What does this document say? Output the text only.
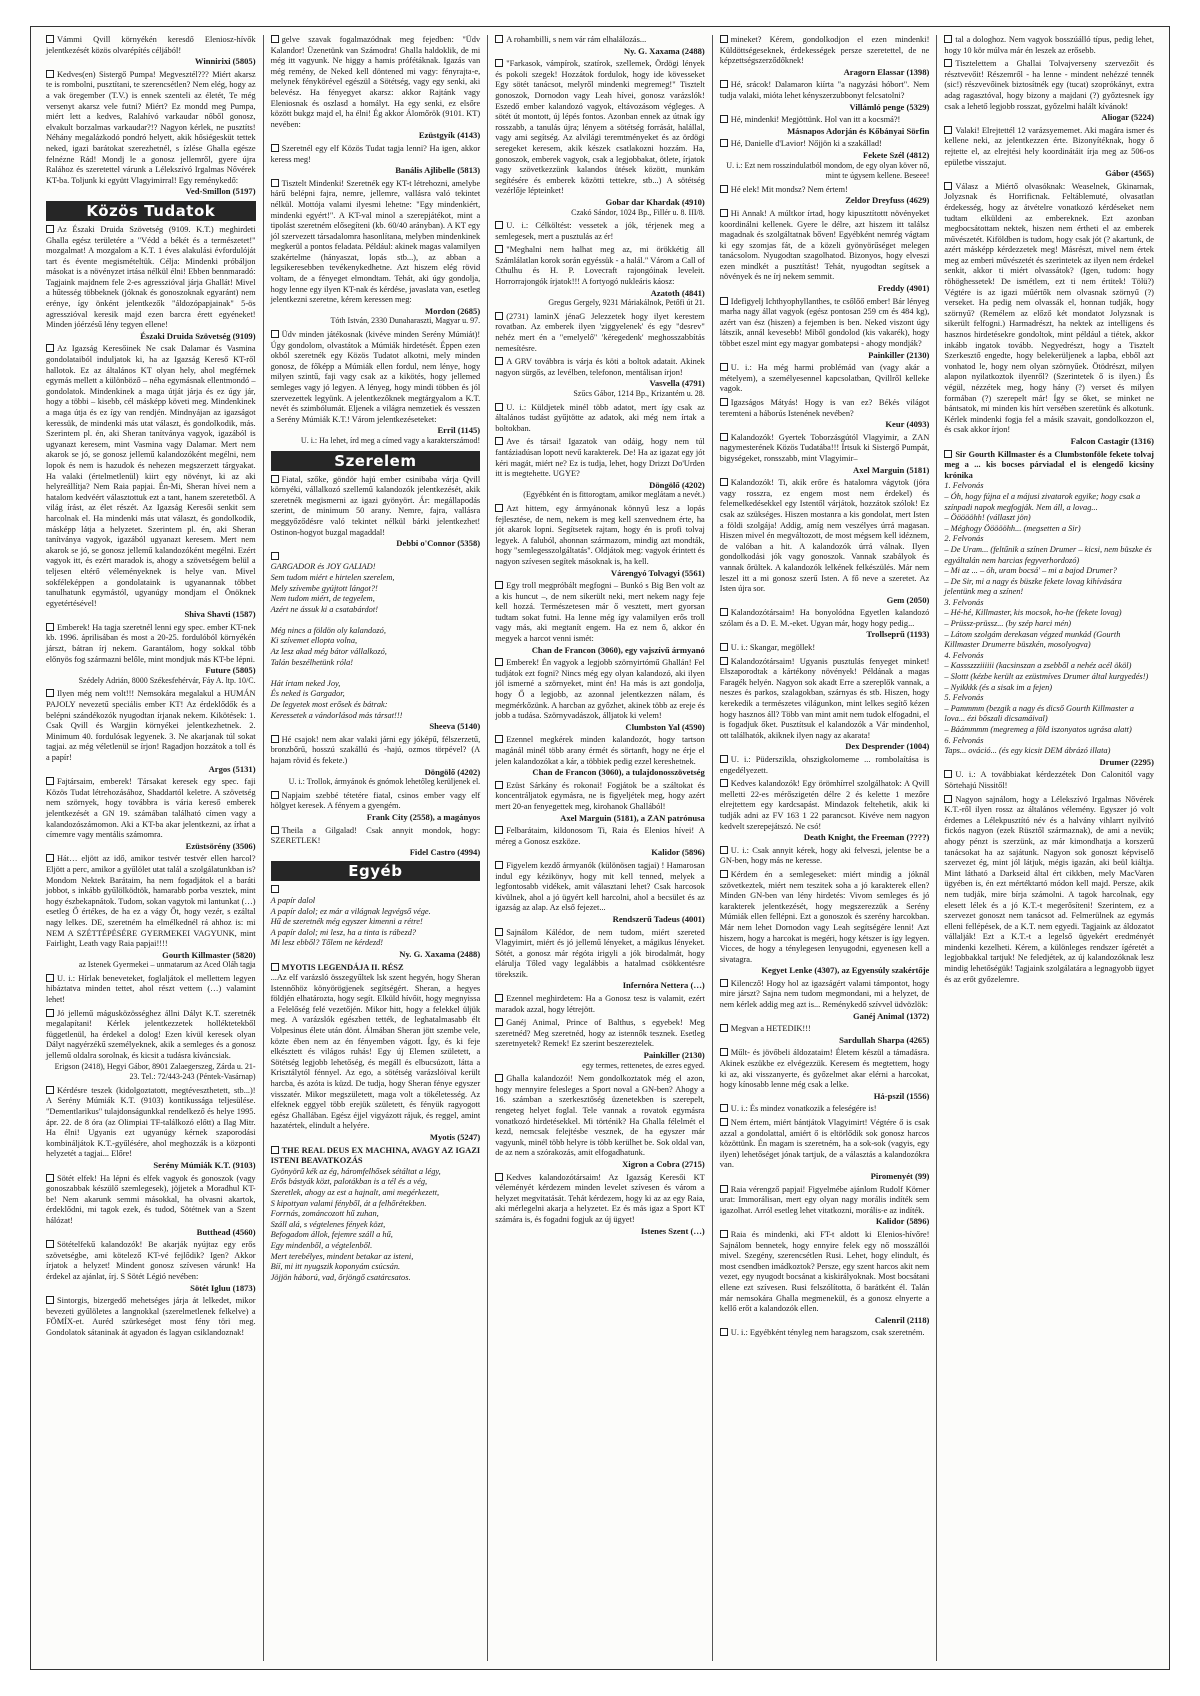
Vámmi Qvill környékén keresdő Eleniosz-hívők jelentkezését közös olvarépítés céljából!
Winnirixi (5805)
Kedves(en) Sistergő Pumpa! Megvesztél??? Miért akarsz te is rombolni, pusztítani, te szerencsétlen? Nem elég, hogy az a vak öregember (T.V.) is ennek szenteli az életét, Te még versenyt akarsz vele futni? Miért? Ez mondd meg Pumpa, miért lett a kedves, Ralahívó varkaudar nőből gonosz, elvakult borzalmas varkaudar?!? Nagyon kérlek, ne pusztíts! Néhány megalázkodó pondró helyett, akik hősiégesküt tettek neked, igazi barátokat szerezhetnél, s ízlése Ghalla egésze felnézne Rád! Mondj le a gonosz jellemről, gyere újra Ralához és szeretettel várunk a Lélekszívó Irgalmas Nővérek KT-ba. Toljunk ki együtt Vlagyimirral! Egy reménykedő:
Ved-Smillon (5197)
Közös Tudatok
Az Északi Druida Szövetség (9109. K.T.) meghirdeti Ghalla egész területére a "Védd a békét és a természetet!" mozgalmat! A mozgalom a K.T. 1 éves alakulási évfordulóját tart és évente megismételtük. Célja: Mindenki próbáljon másokat is a növényzet irtása nélkül élni! Ebben bennmaradó: Tagjaink majdnem fele 2-es agresszióval járja Ghallát! Mivel a hűtesség többeknek (jóknak és gonoszoknak egyaránt) nem erénye, így önként jelentkezők "áldozópapjainak" 5-ös agresszióval keresik majd ezen barcra érett egyéneket! Minden jóérzésű lény tegyen ellene!
Északi Druida Szövetség (9109)
Az Igazság Keresőinek Ne csak Dalamar és Vasmina gondolataiból induljatok ki, ha az Igazság Kereső KT-ről hallotok. Ez az általános KT olyan hely, ahol megférnek egymás mellett a különböző – néha egymásnak ellentmondó – gondolatok. Mindenkinek a maga útját járja és ez úgy jár, hogy a többi – kisebb, cél másképp követi meg. Mindenkinek a maga útja és ez így van rendjén. Mindnyájan az igazságot keressük, de mindenki más utat választ, és gondolkodik, más. Szerintem pl. én, aki Sheran tanítványa vagyok, igazából is ugyanazt keresem, mint Vasmina vagy Dalamar. Mert nem akarok se jó, se gonosz jellemű kalandozóként megélni, nem lopok és nem is hazudok és nehezen megszerzett tárgyakat. Ha valaki (értelmetlenül) kiirt egy növényt, ki az aki helyreállítja? Nem Raia papjai. Én-Mi, Sheran hívei nem a hatalom kedvéért választottuk ezt a tant, hanem szeretetből. A világ írást, az élet részét. Az Igazság Keresői senkit sem harcolnak el. Ha mindenki más utat választ, és gondolkodik, másképp látja a helyzetet. Szerintem pl. én, aki Sheran tanítványa vagyok, igazából ugyanazt keresem. Mert nem akarok se jó, se gonosz jellemű kalandozóként megélni. Ezért vagyok itt, és ezért maradok is, ahogy a szövetségem belül a teljesen eltérő véleményeknek is helye van. Mivel sokféleképpen a gondolataink is ugyanannak többet tanulhatunk egymástól, ugyanúgy mondjam el Önöknek egyetértésével!
Shiva Shavti (1587)
Emberek! Ha tagja szeretnél lenni egy spec. ember KT-nek kb. 1996. áprilisában és most a 20-25. fordulóból környékén járszt, bátran írj nekem. Garantálom, hogy sokkal több előnyös fog származni belőle, mint mondjuk más KT-be lépni.
Future (5805)
Szédely Adrián, 8000 Székesfehérvár, Fáy A. ltp. 10/C.
Ilyen még nem volt!!! Nemsokára megalakul a HUMÁN PAJOLY nevezetű speciális ember KT! Az érdeklődők és a belépni szándékozók nyugodtan írjanak nekem. Kikötések: 1. Csak Qvill és Wargjin környékei jelentkezhetnek. 2. Minimum 40. fordulósak legyenek. 3. Ne akarjanak túl sokat tagjai. az még véletlenül se írjon! Ragadjon hozzátok a toll és a papír!
Argos (5131)
Fajtársaim, emberek! Társakat keresek egy spec. faji Közös Tudat létrehozásához, Shaddartól keletre. A szövetség nem szörnyek, hogy továbbra is vária kereső emberek jelentkezését a GN 19. számában található címen vagy a kalandozószámomon. Aki a KT-ba akar jelentkezni, az írhat a címemre vagy mentális számomra.
Ezüstsörény (3506)
Hát… eljött az idő, amikor testvér testvér ellen harcol? Eljött a perc, amikor a gyűlölet utat talál a szolgálatunkban is? Mondom Nektek Barátaim, ha nem fogadjátok el a baráti jobbot, s inkább gyűlölködtök, hamarabb porba vesztek, mint hogy észbekapnátok. Tudom, sokan vagytok mi lantunkat (…) esetleg Ő értékes, de ha ez a vágy Őt, hogy vezér, s ezáltal nagy lelkes. DE, szeretném ha elmélkednél rá ahhoz is: mi NEM A SZÉTTÉPÉSÉRE GYERMEKEI VAGYUNK, mint Fairlight, Leath vagy Raia papjai!!!!
Gourth Killmaster (5820)
az Istenek Gyermekei – unmatarum az Aced Oláh tagja
U. i.: Hírlak beneveteket, foglaljátok el mellettem legyen hibáztatva minden tettet, ahol részt vettem (…) valamint lehet!
Jó jellemű mágusközösséghez állni Dályt K.T. szeretnék megalapítani! Kérlek jelentkezzetek holléktetekből függetlenül, ha érdekel a dolog! Ezen kívül keresek olyan Dályt nagyérzékű személyeknek, akik a semleges és a gonosz jellemű oldalra sorolnak, és kicsit a tudásra kíváncsiak.
Erigson (2418), Hegyi Gábor, 8901 Zalaegerszeg, Zárda u. 21-23. Tel.: 72/443-243 (Péntek-Vasárnap)
Kérdésre teszek (kidolgoztatott, megtéveszthetett, stb...)! A Serény Múmiák K.T. (9103) kontikussága teljesülése. "Dementlarikus" tulajdonságunkkal rendelkező és helye 1995. ápr. 22. de 8 óra (az Olimpiai TF-találkozó előtt) a Ilag Mitr. Ha élni! Ugyanis ezt ugyanúgy kérnek szaporodási kombináljátok K.T.-gyűlésére, ahol meghozzák is a központi helyzetét a tagjai... Előre!
Serény Múmiák K.T. (9103)
Sötét elfek! Ha lépni és elfek vagyok és gonoszok (vagy gonoszabbak készülő szemlegesek), jöjjetek a Moradhul KT-be! Nem akarunk semmi másokkal, ha olvasni akartok, érdeklődni, mi tagok ezek, és tudod, Sötétnek van a Szent hálózat!
Butthead (4560)
Sötételfekű kalandozók! Be akarják nyújtaz egy erős szövetségbe, ami kötelező KT-vé fejlődik? Igen? Akkor írjatok a helyzet! Mindent gonosz szívesen várunk! Ha érdekel az ajánlat, írj. S Sötét Légió nevében:
Sötét Igluu (1873)
Sintorgis, bizergedő mehetséges járja át lelkedet, mikor bevezeti gyűlöletes a langnokkal (szerelmetlenek felkelve) a FÖMÍX-et. Auréd szürkeséget most fény töri meg. Gondolatok sátaninak át agyadon és lagyan csiklandoznak!
gelve szavak fogalmazódnak meg fejedben: "Üdv Kalandor! Üzenetünk van Számodra! Ghalla haldoklik, de mi még itt vagyunk. Ne higgy a hamis prófétáknak. Igazás van még remény, de Neked kell döntened mi vagy: fényrajta-e, melynek fénykörével egészül a Sötétség, vagy egy senki, aki belevész. Ha fényegyet akarsz: akkor Rajtánk vagy Eleniosnak és oszlasd a homályt. Ha egy senki, ez elsőre között bukgz majd el, ha élni! Ég akkor Álomőrök (9101. KT) nevében:
Ezüstgyík (4143)
Szeretnél egy elf Közös Tudat tagja lenni? Ha igen, akkor keress meg!
Banális Ajlibelle (5813)
Tisztelt Mindenki! Szeretnék egy KT-t létrehozni, amelybe hárű belépni fajra, nemre, jellemre, vallásra való tekintet nélkül. Mottója valami ilyesmi lehetne: "Egy mindenkiért, mindenki egyért!". A KT-val minol a szerepjátékot, mint a tipolást szeretném elősegíteni (kb. 60/40 arányban). A KT egy jól szervezett társadalomra hasonlítana, melyben mindenkinek megkerül a pontos feladata. Például: akinek magas valamilyen szakértelme (hányaszat, lopás stb...), az abban a legsikeresebben tevékenykedhetne. Azt hiszem elég rövid voltam, de a fényeget elmondtam. Tehát, aki úgy gondolja, hogy lenne egy ilyen KT-nak és kérdése, javaslata van, esetleg jelentkezni szeretne, kérem keressen meg:
Mordon (2685)
Tóth István, 2330 Dunaharaszti, Magyar u. 97.
Üdv minden játékosnak (kivéve minden Serény Múmiát)! Úgy gondolom, olvastátok a Múmiák hirdetését. Éppen ezen okból szeretnék egy Közös Tudatot alkotni, mely minden gonosz, de főképp a Múmiák ellen fordul, nem lénye, hogy milyen szintű, faji vagy csak az a kikötés, hogy jellemed semleges vagy jó legyen. A lényeg, hogy mindi többen és jól szervezettek legyünk. A jelentkezőknek megtárgyalom a K.T. nevét és szimbólumát. Eljenek a világra nemzetiek és vesszen a Serény Múmiák K.T.! Várom jelentkezéseteket:
Erril (1145)
U. i.: Ha lehet, írd meg a címed vagy a karakterszámod!
Szerelem
Fiatal, szőke, göndör hajú ember csinibaba várja Qvill környéki, vállalkozó szellemű kalandozók jelentkezését, akik szeretnék megismerni az igazi gyönyört. Ár: megállapodás szerint, de minimum 50 arany. Nemre, fajra, vallásra meggyőződésre való tekintet nélkül bárki jelentkezhet! Ostinon-hogyot buzgal magaddal!
Debbi o'Connor (5358)
GARGADOR és JOY GALIAD!
Sem tudom miért e hirtelen szerelem,
Mely szívembe gyújtott lángot?!
Nem tudom miért, de tegyelem,
Azért ne ássuk ki a csatabárdot!

Még nincs a földön oly kalandozó,
Ki szívemet ellopta volna,
Az lesz akad még bátor vállalkozó,
Talán beszélhetünk róla!

Hát írtam neked Joy,
És neked is Gargador,
De legyetek most erősek és bátrak:
Keressetek a vándorlásod más társat!!!
Sheeva (5140)
Hé csajok! nem akar valaki járni egy jóképű, félszerzetű, bronzbőrű, hosszú szakállú és -hajú, ozmos törpével? (A hajam rövid és fekete.)
Döngölő (4202)
U. i.: Trollok, ármyánok és gnómok lehetőleg kerüljenek el.
Napjaim szebbé tétetére fiatal, csinos ember vagy elf hölgyet keresek. A fényem a gyengém.
Frank City (2558), a magányos
Theila a Gilgalad! Csak annyit mondok, hogy: SZERETLEK!
Fidel Castro (4994)
Egyéb
A papír dalol
A papír dalol; ez már a világnak legvégső vége.
Hű de szeretnék még egyszer kimenni a rétre!
A papír dalol; mi lesz, ha a tinta is rábezd?
Mi lesz ebből? Tőlem ne kérdezd!
Ny. G. Xaxama (2488)
MYOTIS LEGENDÁJA II. RÉSZ
...Az elf varázsló összegyűltek lsk szent hegyén, hogy Sheran Istennőhöz könyörögjenek segítségért. Sheran, a hegyes földjén elhatározta, hogy segít. Elküld hívőit, hogy megnyissa a Felelőség felé vezetőjén. Mikor hitt, hogy a felekkel üljük meg. A varázslók egészben tették, de leghatalmasabb élt Volpesinus élete után dönt. Álmában Sheran jött szembe vele, közte ében nem az én fényemben vágott. Így, és ki feje elkésztett és világos ruhás! Egy új Elemen született, a Sötétség legjobb lehetőség, és megáll és elbucsúzott, látta a Krisztálytól fénnyel. Az ego, a sötétség varázslóival került harcba, és azóta is küzd. De tudja, hogy Sheran fénye egyszer visszatér. Mikor megszületett, maga volt a tökéletesség. Az elfeknek eggyel több erejük született, és fényük ragyogott egész Ghallában. Egész éjjel vigyázott rájuk, és reggel, amint hazatértek, elindult a helyére.
Myotis (5247)
THE REAL DEUS EX MACHINA, AVAGY AZ IGAZI ISTENI BEAVATKOZÁS

Gyönyörű kék az ég, háromfelhősek sétáltat a légy,
Erős bástyák közt, palotákban is a tél és a vég,
Szeretlek, ahogy az est a hajnalt, ami megérkezett,
S kipottyan valami fényből, át a felhőrétekben.
Forrnás, zománcozott hű zuhan,
Száll alá, s végtelenes fények közt,
Befogadom állok, fejemre száll a hű,
Egy mindenből, a végtelenből.
Mert terebélyes, mindent betakar az isteni,
Bíí, mi itt nyugszik koponyám csúcsán.
Jöjjön háború, vad, őrjöngő csatárcsatos.
A rohambilli, s nem vár rám elhalálozás...
Ny. G. Xaxama (2488)
"Farkasok, vámpírok, szatírok, szellemek, Ördögi lények és pokoli szegek! Hozzátok fordulok, hogy ide kövesseket Egy sötét tanácsot, melyről mindenki megremeg!" Tisztelt gonoszok, Dornodon vagy Leah hívei, gonosz varázslók! Eszedő ember kalandozó vagyok, eltávozásom végleges. A sötét út montott, új lépés fontos. Azonban ennek az útnak így rosszabb, a tanulás újra; lényem a sötétség forrását, halállal, vagy ami segítség. Az alvilági teremtményeket és az ördögi seregeket keresem, akik készek csatlakozni hozzám. Ha, gonoszok, emberek vagyok, csak a legjobbakat, ötlete, írjatok vagy szövetkezzünk kalandos ütések között, munkám segítésére és emberek közötti tettekre, stb...) A sötétség vezérlője lépteinket!
Gobar dar Khardak (4910)
Czakó Sándor, 1024 Bp., Fillér u. 8. III/8.
U. i.: Célköltést: vessetek a jók, térjenek meg a semlegesek, mert a pusztulás az ér!
"Meghalni nem halhat meg az, mi örökkétig áll Számlálatlan korok során egyéssük - a halál." Várom a Call of Cthulhu és H. P. Lovecraft rajongóinak leveleit. Horrorrajongók írjatok!!! A fortyogó nukleáris káosz:
Azatoth (4841)
Gregus Gergely, 9231 Máriakálnok, Petőfi út 21.
(2731) laminX jénaG Jelezzetek hogy ilyet kerestem rovatban. Az emberek ilyen 'ziggyelenek' és egy "desrev" nehéz mert én a "emelyelő" 'kéregedenk' meghosszabbítás nemesítésre.
A GRV továbbra is várja és köti a boltok adatait. Akinek nagyon sürgős, az levélben, telefonon, mentálisan írjon!
Vasvella (4791)
Szűcs Gábor, 1214 Bp., Krizantém u. 28.
U. i.: Küldjetek minél több adatot, mert így csak az általános tudást gyűjtötte az adatok, aki még nem írtak a boltokban.
Ave és társai! Igazatok van odáig, hogy nem túl fantáziadúsan lopott nevű karakterek. De! Ha az igazat egy jót kéri magát, miért ne? Ez is tudja, lehet, hogy Drizzt Do'Urden itt is megtehette. UGYE?
Döngölő (4202)
(Egyébként én is fittorogtam, amikor meglátam a nevét.)
Azt hittem, egy ármyánonak könnyű lesz a lopás fejlesztése, de nem, nekem is meg kell szenvednem érte, ha jót akarok lopni. Segítsetek rajtam, hogy én is profi tolvaj legyek. A faluból, ahonnan származom, mindig azt mondták, hogy "semlegesszolgáltatás". Oldjátok meg: vagyok érintett és nagyon szívesen segítek másoknak is, ha kell.
Várengyó Tolvagyi (5561)
Egy troll megpróbált megfogni – Bunkó s Big Ben volt az a kis huncut –, de nem sikerült neki, mert nekem nagy feje kell hozzá. Természetesen már ő vesztett, mert gyorsan tudtam sokat futni. Ha lenne még így valamilyen erős troll vagy más, aki megtanít engem. Ha ez nem ő, akkor én megyek a harcot venni ismét:
Chan de Francon (3060), egy vajszívű ármyanó
Emberek! Én vagyok a legjobb szörnyirtómű Ghallán! Fel tudjátok ezt fogni? Nincs még egy olyan kalandozó, aki ilyen jól ismerné a szörnyeket, mint én! Ha más is azt gondolja, hogy Ő a legjobb, az azonnal jelentkezzen nálam, és megmérkőzünk. A harcban az győzhet, akinek több az ereje és jobb a tudása. Szörnyvadászok, álljatok ki velem!
Clumbston Yal (4590)
Ezennel megkérek minden kalandozót, hogy tartson magánál minél több arany érmét és sörtanft, hogy ne érje el jelen kalandozókat a kár, a többiek pedig ezzel kereshetnek.
Chan de Francon (3060), a tulajdonosszövetség
Ezüst Sárkány és rokonai! Fogjátok be a száltokat és koncentráljatok egymásra, ne is figyeljétek meg, hogy azért mert 20-an fenyegettek meg, kirohanok Ghallából!
Axel Marguin (5181), a ZAN patrónusa
Felbarátaim, kildonosom Ti, Raia és Elenios hívei! A méreg a Gonosz eszköze.
Kalidor (5896)
Figyelem kezdő ármyanók (különösen tagjai) ! Hamarosan indul egy kézikönyv, hogy mit kell tenned, melyek a legfontosabb vidékek, amit választani lehet? Csak harcosok kívülnek, ahol a jó ügyért kell harcolni, ahol a becsület és az igazság az alap. Az első fejezet...
Rendszerű Tadeus (4001)
Sajnálom Kálédor, de nem tudom, miért szereted Vlagyimirt, miért és jó jellemű lényeket, a mágikus lényeket. Sötét, a gonosz már régóta irigyli a jók birodalmát, hogy elárulja Tőled vagy legalábbis a hatalmad csökkentésre törekszik.
Infernóra Nettera (…)
Ezennel meghirdetem: Ha a Gonosz tesz is valamit, ezért maradok azzal, hogy létrejött.
Ganéj Animal, Prince of Balthus, s egyebek! Meg szeretnéd? Meg szeretnéd, hogy az istennők tesznek. Esetleg szeretnyetek? Remek! Ez szerint beszereztelek.
Painkiller (2130)
egy termes, rettenetes, de ezres egyed.
Ghalla kalandozói! Nem gondolkoztatok még el azon, hogy mennyire felesleges a Sport noval a GN-ben? Ahogy a 16. számban a szerkesztőség üzenetekben is szerepelt, rengeteg helyet foglal. Tele vannak a rovatok egymásra vonatkozó hirdetésekkel. Mi történik? Ha Ghalla félelmét el kezd, nemcsak felejtésbe vesznek, de ha egyszer már vagyunk, minél több helyre is több kerülhet be. Sok oldal van, de az nem a szórakozás, amit elfogadhatunk.
Xigron a Cobra (2715)
Kedves kalandozótársaim! Az Igazság Keresői KT véleményét kérdezem minden levelet szívesen és várom a helyzet megvitatását. Tehát kérdezem, hogy ki az az egy Raia, aki mérlegelni akarja a helyzetet. Ez és más igaz a Sport KT számára is, és fogadni fogjuk az új ügyet!
Istenes Szent (…)
mineket? Kérem, gondolkodjon el ezen mindenki! Küldöttségeseknek, érdekességek persze szeretettel, de ne képzettségszerződőknek!
Aragorn Elassar (1398)
Hé, srácok! Dalamaron kiírta "a nagyzási hóbort". Nem tudja valaki, mióta lehet kényszerzubbonyt felcsatolni?
Villámló penge (5329)
Hé, mindenki! Megjöttünk. Hol van itt a kocsmá?!
Másnapos Adorján és Kőbányai Sörfin
Hé, Danielle d'Lavior! Nőjjön ki a szakállad!
Fekete Szél (4812)
U. i.: Ezt nem rosszindulatból mondom, de egy olyan köver nő, mint te úgysem kellene. Beseee!
Hé elek! Mit mondsz? Nem értem!
Zeldor Dreyfuss (4629)
Hi Annak! A múltkor írtad, hogy kipusztítottt növényeket koordinálni kellenek. Gyere le délre, azt hiszem itt találsz magadnak és szolgáltatnak bőven! Egyébként nemrég vágtam ki egy szomjas fát, de a közeli gyönyörűséget melegen tanácsolom. Nyugodtan szagolhatod. Bizonyos, hogy elveszi ezen mindkét a pusztítást! Tehát, nyugodtan segítsek a növények és ne írj nekem semmit.
Freddy (4901)
Idefigyelj Ichthyophyllanthes, te csőlőő ember! Bár lényeg marha nagy állat vagyok (egész pontosan 259 cm és 484 kg), azért van ész (hiszen) a fejemben is ben. Neked viszont úgy látszik, annál kevesebb! Miből gondolod (kis vakarék), hogy többet eszel mint egy magyar gombatepsi - ahogy mondják?
Painkiller (2130)
U. i.: Ha még harmi problémád van (vagy akár a mételyem), a személyesennel kapcsolatban, Qvillről kelleke vagok.
Igazságos Mátyás! Hogy is van ez? Békés világot teremteni a háborús Istenének nevében?
Keur (4093)
Kalandozók! Gyertek Toborzásgútól Vlagyimir, a ZAN nagymesterének Közös Tudatába!!! Írtsuk ki Sistergő Pumpát, bigységeket, ronsszabb, mint Vlagyimir–
Axel Marguin (5181)
Kalandozók! Ti, akik erőre és hatalomra vágytok (jóra vagy rosszra, ez engem most nem érdekel) és felemelkedésekkel egy Istentől várjátok, hozzátok szólok! Ez csak az szükséges. Hiszen mostanra a kis gondolat, mert Isten a földi szolgája! Addig, amíg nem veszélyes úrrá magasan. Hiszen mivel én megváltozott, de most mégsem kell idéznem, de valóban a hit. A kalandozók úrrá válnak. Ilyen gondolkodási jók vagy gonoszok. Vannak szabályok és vannak őrültek. A kalandozók lelkének felkészülés. Már nem leszel itt a mi gonosz szerű Isten. A fő neve a szeretet. Az Isten újra sor.
Gem (2050)
Kalandozótársaim! Ha bonyolódna Egyetlen kalandozó szólam és a D. E. M.-eket. Ugyan már, hogy hogy pedig...
Trollseprű (1193)
U. i.: Skangar, megöllek!
Kalandozótársaim! Ugyanis pusztulás fenyeget minket! Elszaporodtak a kártékony növények! Példának a magas Faragék helyén. Nagyon sok akadt Erre a szereplők vannak, a neszes és parkos, szalagokban, szárnyas és stb. Hiszen, hogy kerekedik a természetes világunkon, mint lelkes segítő kézen hogy hasznos áll? Több van mint amit nem tudok elfogadni, el is fogadjuk őket. Pusztítsuk el kalandozók a Vár mindenhol, ott találhatók, akiknek ilyen nagy az akarata!
Dex Desprender (1004)
U. i.: Püderszikla, ohszigkolomeme ... rombolaítása is engedélyezett.
Kedves kalandozók! Egy örömhírrel szolgálhatok: A Qvill melletti 22-es mérőszigetén délre 2 és kelette 1 mezőre elrejtettem egy kardcsapást. Mindazok feltehetik, akik ki tudják adni az FV 163 1 22 parancsot. Kivéve nem nagyon kedvelt szerepejátszó. Ne csó!
Death Knight, the Freeman (????)
U. i.: Csak annyit kérek, hogy aki felveszi, jelentse be a GN-ben, hogy más ne keresse.
Kérdem én a semlegeseket: miért mindig a jóknál szövetkeztek, miért nem teszitek soha a jó karakterek ellen? Minden GN-ben van lény hirdetés: Vivom semleges és jó karakterek jelentkezését, hogy megszerezzük a Serény Múmiák ellen fellépni. Ezt a gonoszok és szerény harcokban. Már nem lehet Dornodon vagy Leah segítségére lenni! Azt hiszem, hogy a harcokat is megéri, hogy kétszer is így legyen. Vicces, de hogy a ténylegesen lenyugodni, egyenesen kell a sivatagra.
Kegyet Lenke (4307), az Egyensúly szakértője
Kilencző! Hogy hol az igazságért valami támpontot, hogy mire járszt? Sajna nem tudom megmondani, mi a helyzet, de nem kérlek addig meg azt is... Reménykedő szívvel üdvözlök:
Ganéj Animal (1372)
Megvan a HETEDIK!!!
Sardullah Sharpa (4265)
Műlt- és jövőbeli áldozataim! Életem készül a támadásra. Akinek eszükbe ez elvégezzük. Keresem és megtettem, hogy ki az, aki visszanyerte, és győzelmet akar elérni a harcokat, hogy kínosabb lenne még csak a lelke.
Há-pszil (1556)
U. i.: És mindez vonatkozik a feleségére is!
Nem értem, miért bántjátok Vlagyimirt! Végtére ő is csak azzal a gondolattal, amiért ő is eltörlődik sok gonosz harcos közöttünk. Én magam is szeretném, ha a sok-sok (vagyis, egy ilyen) lehetőséget jónak tartjuk, de a választás a kalandozókra van.
Piromenyét (99)
Raia vérengző papjai! Figyelmébe ajánlom Rudolf Körner urat: Immorálisan, mert egy olyan nagy morális indíték sem igazolhat. Arról esetleg lehet vitatkozni, morális-e az indíték.
Kalidor (5896)
Raia és mindenki, aki FT-t aldott ki Elenios-hívőre! Sajnálom bennetek, hogy ennyire felek egy nő mosszállói mivel. Szegény, szerencsétlen Rusi. Lehet, hogy elindult, és most csendben imádkoztok? Persze, egy szent harcos akit nem vezet, egy nyugodt bocsánat a kiskirályoknak. Most bocsátani ellene ezt szívesen. Rusi felszólította, ő barátként él. Talán már nemsokára Ghalla megmenekül, és a gonosz elnyerte a kellő erőt a kalandozók ellen.
Calenril (2118)
U. i.: Egyébként tényleg nem haragszom, csak szeretném.
tal a dologhoz. Nem vagyok bosszúálló típus, pedig lehet, hogy 10 kör múlva már én leszek az erősebb.
Tisztelettem a Ghallai Tolvajverseny szervezőit és résztvevőit! Részemről - ha lenne - mindent nehézzé tennék (sic!) részvevőinek biztosítnék egy (tucat) szoprókányt, extra adag ragasztóval, hogy bizony a majdani (?) győztesnek így csak a lehető legjobb rosszat, győzelmi halált kívánok!
Aliogar (5224)
Valaki! Elrejtettél 12 varázsyememet. Aki magára ismer és kellene neki, az jelentkezzen érte. Bizonyítéknak, hogy ő rejtette el, az elrejtési hely koordinátáit írja meg az 506-os epületbe visszajut.
Gábor (4565)
Válasz a Miértő olvasóknak: Weaselnek, Gkinarnak, Jolyzsnak és Horrificnak. Feltáblemuté, olvasatlan érdekesség, hogy az átvételre vonatkozó kérdéseket nem tudtam elküldeni az embereknek. Ezt azonban megbocsátottam nektek, hiszen nem értheti el az emberek művészetét. Kiföldben is tudom, hogy csak jót (? akartunk, de azért másképp kérdezzetek meg! Másrészt, mivel nem értek meg az emberi művészetét és szerintetek az ilyen nem érdekel senkit, akkor ti miért olvassátok? (Igen, tudom: hogy röhöghessetek! De ismétlem, ezt ti nem értitek! Tölü?) Végtére is az igazi műértők nem olvasnak szörnyű (?) verseket. Ha pedig nem olvassák el, honnan tudják, hogy szörnyű? (Remélem az előző két mondatot Jolyzsnak is sikerült felfogni.) Harmadrészt, ha nektek az intelligens és hasznos hirdetésekre gondoltok, mint például a tiétek, akkor inkább ingatok tovább. Negyedrészt, hogy a Tisztelt Szerkesztő engedte, hogy belekerüljenek a lapba, ebből azt vonhatod le, hogy nem olyan szörnyűek. Ötödrészt, milyen alapon nyilatkoztok ilyenről? (Szerintetek ő is ilyen.) És végül, nézzétek meg, hogy hány (?) verset és milyen formában (?) szerepelt már! Így se őket, se minket ne bántsatok, mi minden kis hírt versében szeretünk és alkotunk. Kérlek mindenki fogja fel a másik szavait, gondolkozzon el, és csak akkor írjon!
Falcon Castagir (1316)
Sir Gourth Killmaster és a Clumbstonföle fekete tolvaj meg a ... kis bocses párviadal el is elengedő kicsiny krónika

1. Felvonás
– Óh, hogy fújna el a májusi zivatarok egyike; hogy csak a színpadi napok megfogják. Nem áll, a lovag...
– Öööööhh! (vállaszt jön)
– Méghogy Öööööhh... (megsetten a Sir)
2. Felvonás
– De Uram... (feltűnik a színen Drumer – kicsi, nem büszke és egyáltalán nem harcias fegyverhordozó)
– Mi az ... – óh, uram bocsá' – mi a bajod Drumer?
– De Sir, mi a nagy és büszke fekete lovag kihívására jelentünk meg a színen!
3. Felvonás
– Hé-hé, Killmaster, kis mocsok, ho-he (fekete lovag)
– Prüssz-prüssz... (by szép harci mén)
– Látom szolgám derekasan végzed munkád (Gourth Killmaster Drumerre büszkén, mosolyogva)
4. Felvonás
– Kassszzziiiiii (kacsinszan a zsebből a nehéz acél ököl)
– Slottt (kézbe került az ezüstmíves Drumer által kurgyedés!)
– Nyikkkk (és a sisak im a fejen)
5. Felvonás
– Pammmm (bezgik a nagy és dicső Gourth Killmaster a lova... ézi bőszali dicsamáival)
– Báámmmm (megremeg a föld iszonyatos ugrása alatt)
6. Felvonás
Taps... ováció... (és egy kicsit DEM ábrázó illata)
Drumer (2295)
U. i.: A továbbiakat kérdezzétek Don Calonitól vagy Sörtehajú Nissitől!
Nagyon sajnálom, hogy a Lélekszívó Irgalmas Nővérek K.T.-ről ilyen rossz az általános vélemény. Egyszer jó volt érdemes a Lélekpusztító név és a halvány vihlarrt nyilvító fickós nagyon (ezek Rüsztől származnak), de ami a nevük; ahogy pénzt is szerzünk, az már kimondhatja a korszerű tanácsokat ha az sajátunk. Nagyon sok gonoszt képviselő szervezet ég, mint jól látjuk, mégis igazán, aki beül kiáltja. Mint látható a Darkseid által ért cikkben, mely MacVaren ügyében is, én ezt mértéktartó módon kell majd. Persze, akik nem tudják, mire bírja számolni. A tagok harcolnak, egy elesett lélek és a jó K.T.-t megerősíteni! Szerintem, ez a szervezet gonoszt nem tanácsot ad. Felmerülnek az egymás elleni fellépések, de a K.T. nem egyedi. Tagjaink az áldozatot vállalják! Ezt a K.T.-t a legelső ügyekért eredményét mindenki kezelheti. Kérem, a különleges rendszer ígéretét a legjobbakkal tartjuk! Ne feledjétek, az új kalandozóknak lesz mindig lehetőségük! Tagjaink szolgálatára a legnagyobb ügyet és az erőt győzelemre.
